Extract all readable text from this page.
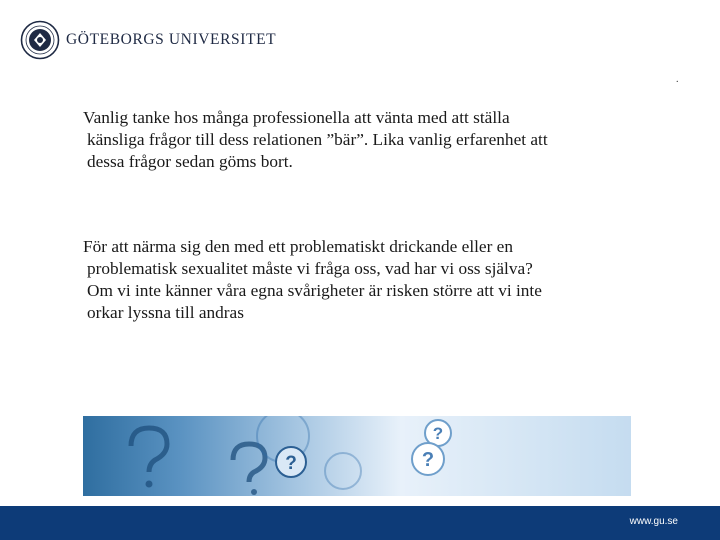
GÖTEBORGS UNIVERSITET
.

Vanlig tanke hos många professionella att vänta med att ställa
känsliga frågor till dess relationen ”bär”. Lika vanlig erfarenhet att
dessa frågor sedan göms bort.

För att närma sig den med ett problematiskt drickande eller en
problematisk sexualitet måste vi fråga oss, vad har vi oss själva?
Om vi inte känner våra egna svårigheter är risken större att vi inte
orkar lyssna till andras

?
?
?
www.gu.se
